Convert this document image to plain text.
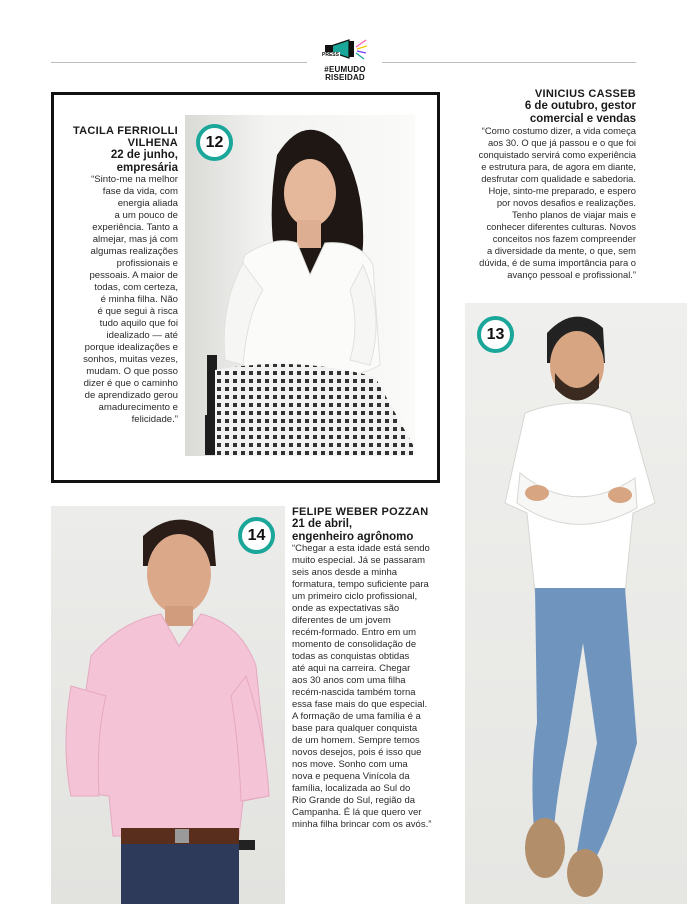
PRESS
#EUMUDO
RISEIDAD
12
TACILA FERRIOLLI
VILHENA
22 de junho,
empresária
“Sinto-me na melhor
fase da vida, com
energia aliada
a um pouco de
experiência. Tanto a
almejar, mas já com
algumas realizações
profissionais e
pessoais. A maior de
todas, com certeza,
é minha filha. Não
é que segui à risca
tudo aquilo que foi
idealizado — até
porque idealizações e
sonhos, muitas vezes,
mudam. O que posso
dizer é que o caminho
de aprendizado gerou
amadurecimento e
felicidade.”
VINICIUS CASSEB
6 de outubro, gestor
comercial e vendas
“Como costumo dizer, a vida começa
aos 30. O que já passou e o que foi
conquistado servirá como experiência
e estrutura para, de agora em diante,
desfrutar com qualidade e sabedoria.
Hoje, sinto-me preparado, e espero
por novos desafios e realizações.
Tenho planos de viajar mais e
conhecer diferentes culturas. Novos
conceitos nos fazem compreender
a diversidade da mente, o que, sem
dúvida, é de suma importância para o
avanço pessoal e profissional.”
13
14
FELIPE WEBER POZZAN
21 de abril,
engenheiro agrônomo
“Chegar a esta idade está sendo
muito especial. Já se passaram
seis anos desde a minha
formatura, tempo suficiente para
um primeiro ciclo profissional,
onde as expectativas são
diferentes de um jovem
recém-formado. Entro em um
momento de consolidação de
todas as conquistas obtidas
até aqui na carreira. Chegar
aos 30 anos com uma filha
recém-nascida também torna
essa fase mais do que especial.
A formação de uma família é a
base para qualquer conquista
de um homem. Sempre temos
novos desejos, pois é isso que
nos move. Sonho com uma
nova e pequena Vinícola da
família, localizada ao Sul do
Rio Grande do Sul, região da
Campanha. É lá que quero ver
minha filha brincar com os avós.”
